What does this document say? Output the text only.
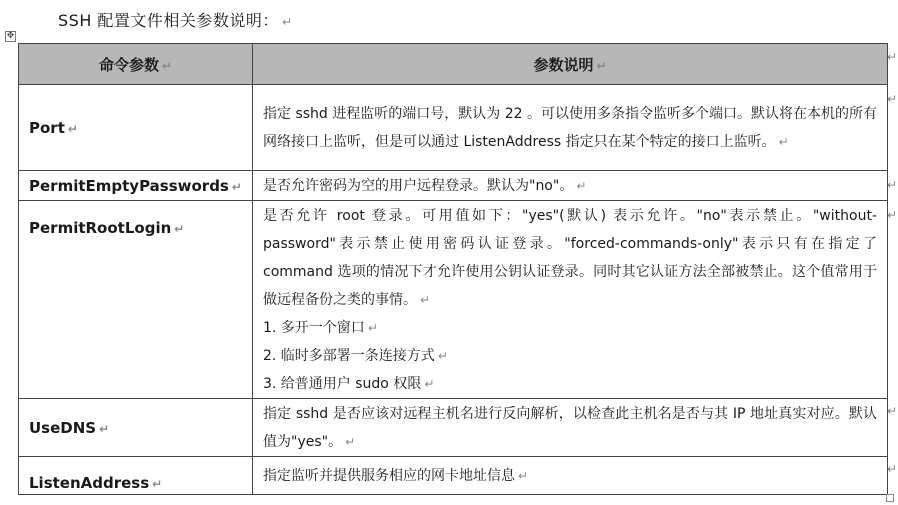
SSH 配置文件相关参数说明： ↵
✥
命令参数 ↵	参数说明 ↵
Port ↵	指定 sshd 进程监听的端口号，默认为 22 。可以使用多条指令监听多个端口。默认将在本机的所有网络接口上监听，但是可以通过 ListenAddress 指定只在某个特定的接口上监听。 ↵

PermitEmptyPasswords ↵	是否允许密码为空的用户远程登录。默认为"no"。 ↵

PermitRootLogin ↵	是否允许 root 登录。可用值如下："yes"(默认) 表示允许。"no"表示禁止。"without-password"表示禁止使用密码认证登录。"forced-commands-only"表示只有在指定了 command 选项的情况下才允许使用公钥认证登录。同时其它认证方法全部被禁止。这个值常用于做远程备份之类的事情。 ↵

1. 多开一个窗口 ↵

2. 临时多部署一条连接方式 ↵

3. 给普通用户 sudo 权限 ↵

UseDNS ↵	指定 sshd 是否应该对远程主机名进行反向解析，以检查此主机名是否与其 IP 地址真实对应。默认值为"yes"。 ↵

ListenAddress ↵	指定监听并提供服务相应的网卡地址信息 ↵

↵
↵
↵
↵
↵
↵
